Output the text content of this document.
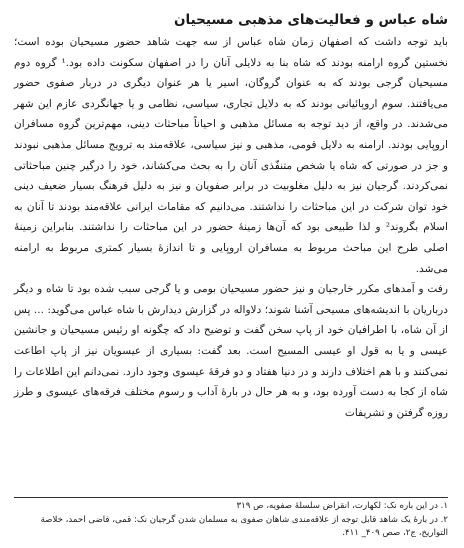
شاه عباس و فعالیت‌های مذهبی مسیحیان

باید توجه داشت که اصفهان زمان شاه عباس از سه جهت شاهد حضور مسیحیان بوده است؛ نخستین گروه ارامنه بودند که شاه بنا به دلایلی آنان را در اصفهان سکونت داده بود.¹ گروه دوم مسیحیان گرجی بودند که به عنوان گروگان، اسیر یا هر عنوان دیگری در دربار صفوی حضور می‌یافتند. سوم اروپائیانی بودند که به دلایل تجاری، سیاسی، نظامی و یا جهانگردی عازم این شهر می‌شدند. در واقع، از دید توجه به مسائل مذهبی و احیاناً مباحثات دینی، مهم‌ترین گروه مسافران اروپایی بودند. ارامنه به دلایل قومی، مذهبی و نیز سیاسی، علاقه‌مند به ترویج مسائل مذهبی نبودند و جز در صورتی که شاه یا شخص متنفّذی آنان را به بحث می‌کشاند، خود را درگیر چنین مباحثاتی نمی‌کردند. گرجیان نیز به دلیل مغلوبیت در برابر صفویان و نیز به دلیل فرهنگ بسیار ضعیف دینی خود توان شرکت در این مباحثات را نداشتند. می‌دانیم که مقامات ایرانی علاقه‌مند بودند تا آنان به اسلام بگروند² و لذا طبیعی بود که آن‌ها زمینهٔ حضور در این مباحثات را نداشتند. بنابراین زمینهٔ اصلی طرح این مباحث مربوط به مسافران اروپایی و تا اندازهٔ بسیار کمتری مربوط به ارامنه می‌شد.

رفت و آمدهای مکرر خارجیان و نیز حضور مسیحیان بومی و یا گرجی سبب شده بود تا شاه و دیگر درباریان با اندیشه‌های مسیحی آشنا شوند؛ دلاواله در گزارش دیدارش با شاه عباس می‌گوید: ... پس از آن شاه، با اطرافیان خود از پاپ سخن گفت و توضیح داد که چگونه او رئیس مسیحیان و جانشین عیسی و یا به قول او عیسی المسیح است. بعد گفت: بسیاری از عیسویان نیز از پاپ اطاعت نمی‌کنند و با هم اختلاف دارند و در دنیا هفتاد و دو فرقهٔ عیسوی وجود دارد. نمی‌دانم این اطلاعات را شاه از کجا به دست آورده بود، و به هر حال در بارهٔ آداب و رسوم مختلف فرقه‌های عیسوی و طرز روزه گرفتن و تشریفات

۱. در این باره نک: لکهارت، انقراض سلسلهٔ صفویه، ص ۳۱۹

۲. در بارهٔ یک شاهد قابل توجه از علاقه‌مندی شاهان صفوی به مسلمان شدن گرجیان نک: قمی، قاضی احمد، خلاصة التواریخ، ج۲، صص ۴۰۹_ ۴۱۱.
